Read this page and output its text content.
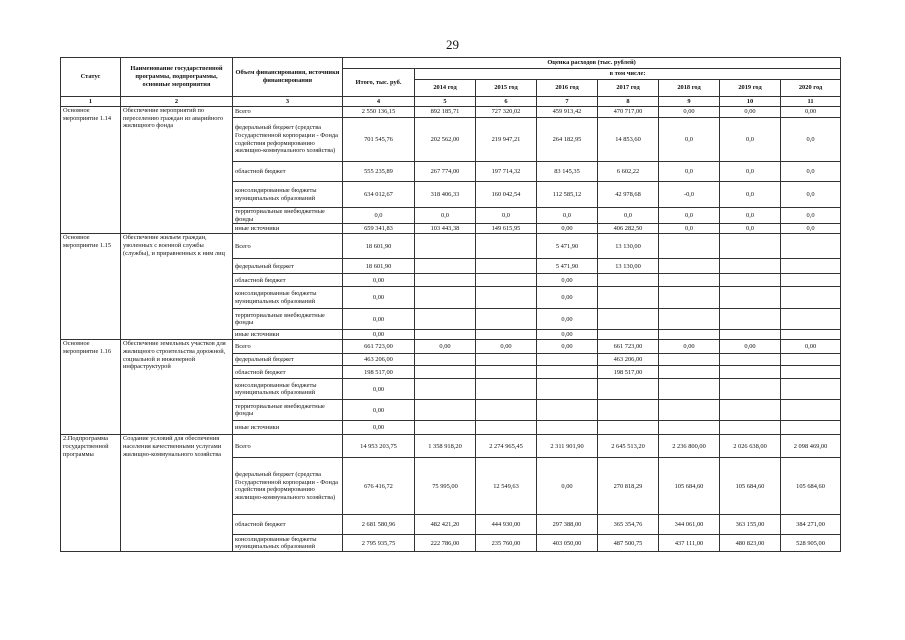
29
Статус	Наименование государственной программы, подпрограммы, основные мероприятия	Объем финансирования, источники финансирования	Оценка расходов (тыс. рублей)							
			Итого, тыс. руб.	в том числе:						
				2014 год	2015 год	2016 год	2017 год	2018 год	2019 год	2020 год
1	2	3	4	5	6	7	8	9	10	11
Основное мероприятие 1.14	Обеспечение мероприятий по переселению граждан из аварийного жилищного фонда	Всего	2 550 136,15	892 185,71	727 320,02	459 913,42	470 717,00	0,00	0,00	0,00
		федеральный бюджет (средства Государственной корпорации - Фонда содействия реформированию жилищно-коммунального хозяйства)	701 545,76	202 562,00	219 947,21	264 182,95	14 853,60	0,0	0,0	0,0
		областной бюджет	555 235,89	267 774,00	197 714,32	83 145,35	6 602,22	0,0	0,0	0,0
		консолидированные бюджеты муниципальных образований	634 012,67	318 406,33	160 042,54	112 585,12	42 978,68	-0,0	0,0	0,0
		территориальные внебюджетные фонды	0,0	0,0	0,0	0,0	0,0	0,0	0,0	0,0
		иные источники	659 341,83	103 443,38	149 615,95	0,00	406 282,50	0,0	0,0	0,0
Основное мероприятие 1.15	Обеспечение жильем граждан, уволенных с военной службы (службы), и приравненных к ним лиц	Всего	18 601,90			5 471,90	13 130,00			
		федеральный бюджет	18 601,90			5 471,90	13 130,00			
		областной бюджет	0,00			0,00				
		консолидированные бюджеты муниципальных образований	0,00			0,00				
		территориальные внебюджетные фонды	0,00			0,00				
		иные источники	0,00			0,00				
Основное мероприятие 1.16	Обеспечение земельных участков для жилищного строительства дорожной, социальной и инженерной инфраструктурой	Всего	661 723,00	0,00	0,00	0,00	661 723,00	0,00	0,00	0,00
		федеральный бюджет	463 206,00				463 206,00			
		областной бюджет	198 517,00				198 517,00			
		консолидированные бюджеты муниципальных образований	0,00							
		территориальные внебюджетные фонды	0,00							
		иные источники	0,00							
2.Подпрограмма государственной программы	Создание условий для обеспечения населения качественными услугами жилищно-коммунального хозяйства	Всего	14 953 203,75	1 358 918,20	2 274 965,45	2 311 901,90	2 645 513,20	2 236 800,00	2 026 638,00	2 098 469,00
		федеральный бюджет (средства Государственной корпорации - Фонда содействия реформированию жилищно-коммунального хозяйства)	676 416,72	75 995,00	12 549,63	0,00	270 818,29	105 684,60	105 684,60	105 684,60
		областной бюджет	2 681 580,96	482 421,20	444 930,00	297 388,00	365 354,76	344 061,00	363 155,00	384 271,00
		консолидированные бюджеты муниципальных образований	2 795 935,75	222 786,00	235 760,00	403 050,00	487 500,75	437 111,00	480 823,00	528 905,00
